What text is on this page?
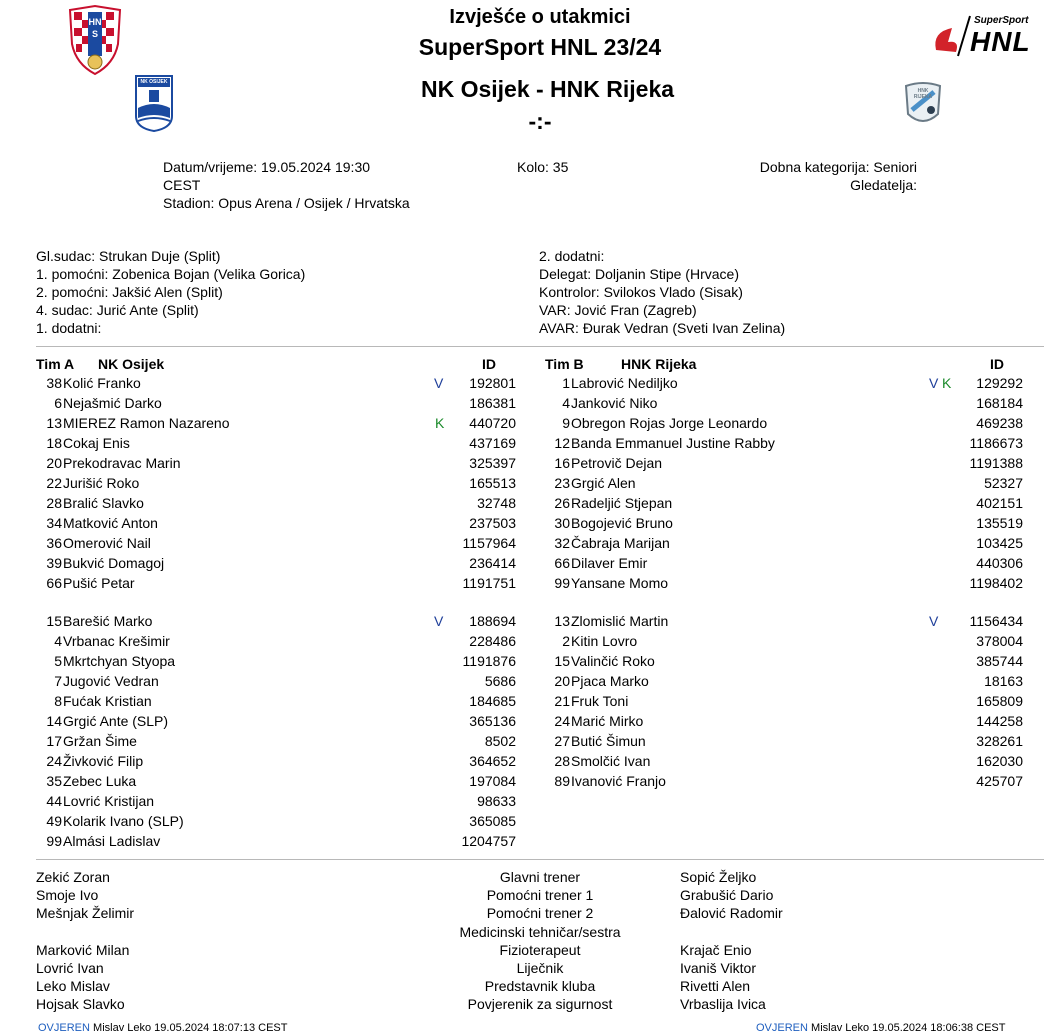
HNS
SuperSport
HNL
NK OSIJEK
HNK RIJEKA
Izvješće o utakmici
SuperSport HNL 23/24
NK Osijek - HNK Rijeka
-:-
Datum/vrijeme: 19.05.2024 19:30
CEST
Stadion: Opus Arena / Osijek / Hrvatska
Kolo: 35	Dobna kategorija: Seniori
Gledatelja:
Gl.sudac: Strukan Duje (Split)
1. pomoćni: Zobenica Bojan (Velika Gorica)
2. pomoćni: Jakšić Alen (Split)
4. sudac: Jurić Ante (Split)
1. dodatni:
2. dodatni:
Delegat: Doljanin Stipe (Hrvace)
Kontrolor: Svilokos Vlado (Sisak)
VAR: Jović Fran (Zagreb)
AVAR: Đurak Vedran (Sveti Ivan Zelina)
Tim A NK Osijek	ID	Tim B	HNK Rijeka	ID
38 Kolić Franko	V	192801
6 Nejašmić Darko	186381
13 MIEREZ Ramon Nazareno	K	440720
18 Cokaj Enis	437169
20 Prekodravac Marin	325397
22 Jurišić Roko	165513
28 Bralić Slavko	32748
34 Matković Anton	237503
36 Omerović Nail	1157964
39 Bukvić Domagoj	236414
66 Pušić Petar	1191751
15 Barešić Marko	V	188694
4 Vrbanac Krešimir	228486
5 Mkrtchyan Styopa	1191876
7 Jugović Vedran	5686
8 Fućak Kristian	184685
14 Grgić Ante (SLP)	365136
17 Gržan Šime	8502
24 Živković Filip	364652
35 Zebec Luka	197084
44 Lovrić Kristijan	98633
49 Kolarik Ivano (SLP)	365085
99 Almási Ladislav	1204757
1 Labrović Nediljko	V K	129292
4 Janković Niko	168184
9 Obregon Rojas Jorge Leonardo	469238
12 Banda Emmanuel Justine Rabby	1186673
16 Petrovič Dejan	1191388
23 Grgić Alen	52327
26 Radeljić Stjepan	402151
30 Bogojević Bruno	135519
32 Čabraja Marijan	103425
66 Dilaver Emir	440306
99 Yansane Momo	1198402
13 Zlomislić Martin	V	1156434
2 Kitin Lovro	378004
15 Valinčić Roko	385744
20 Pjaca Marko	18163
21 Fruk Toni	165809
24 Marić Mirko	144258
27 Butić Šimun	328261
28 Smolčić Ivan	162030
89 Ivanović Franjo	425707
Zekić Zoran	Glavni trener	Sopić Željko
Smoje Ivo	Pomoćni trener 1	Grabušić Dario
Mešnjak Želimir	Pomoćni trener 2	Đalović Radomir
Medicinski tehničar/sestra
Marković Milan	Fizioterapeut	Krajač Enio
Lovrić Ivan	Liječnik	Ivaniš Viktor
Leko Mislav	Predstavnik kluba	Rivetti Alen
Hojsak Slavko	Povjerenik za sigurnost	Vrbaslija Ivica
OVJEREN Mislav Leko 19.05.2024 18:07:13 CEST	OVJEREN Mislav Leko 19.05.2024 18:06:38 CEST
